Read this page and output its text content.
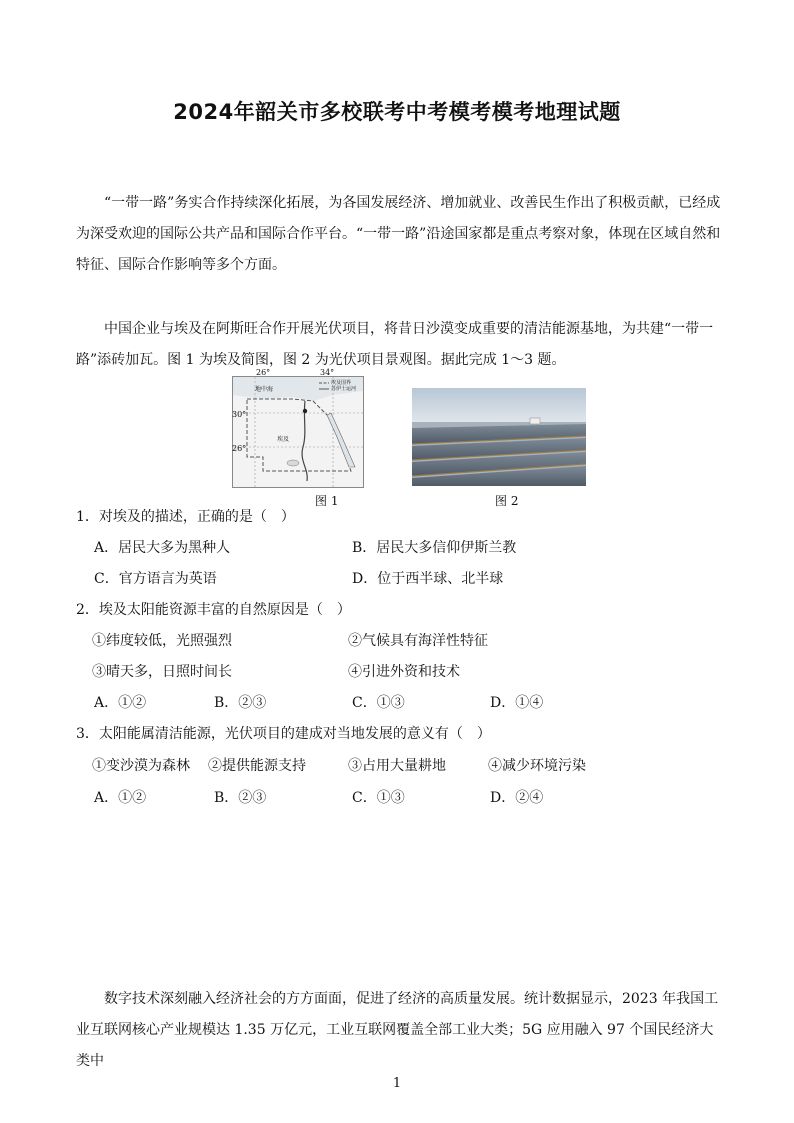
2024年韶关市多校联考中考模考模考地理试题
“一带一路”务实合作持续深化拓展，为各国发展经济、增加就业、改善民生作出了积极贡献，已经成为深受欢迎的国际公共产品和国际合作平台。“一带一路”沿途国家都是重点考察对象，体现在区域自然和特征、国际合作影响等多个方面。
中国企业与埃及在阿斯旺合作开展光伏项目，将昔日沙漠变成重要的清洁能源基地，为共建“一带一路”添砖加瓦。图 1 为埃及简图，图 2 为光伏项目景观图。据此完成 1～3 题。
地中海
埃及国界
苏伊士运河
埃及
26°	34°
30°
26°
图 1	图 2
1．对埃及的描述，正确的是（　）
A．居民大多为黑种人	B．居民大多信仰伊斯兰教
C．官方语言为英语	D．位于西半球、北半球
2．埃及太阳能资源丰富的自然原因是（　）
①纬度较低，光照强烈	②气候具有海洋性特征
③晴天多，日照时间长	④引进外资和技术
A．①②	B．②③	C．①③	D．①④
3．太阳能属清洁能源，光伏项目的建成对当地发展的意义有（　）
①变沙漠为森林 ②提供能源支持	③占用大量耕地	④减少环境污染
A．①②	B．②③	C．①③	D．②④
数字技术深刻融入经济社会的方方面面，促进了经济的高质量发展。统计数据显示，2023 年我国工业互联网核心产业规模达 1.35 万亿元，工业互联网覆盖全部工业大类；5G 应用融入 97 个国民经济大类中
1
